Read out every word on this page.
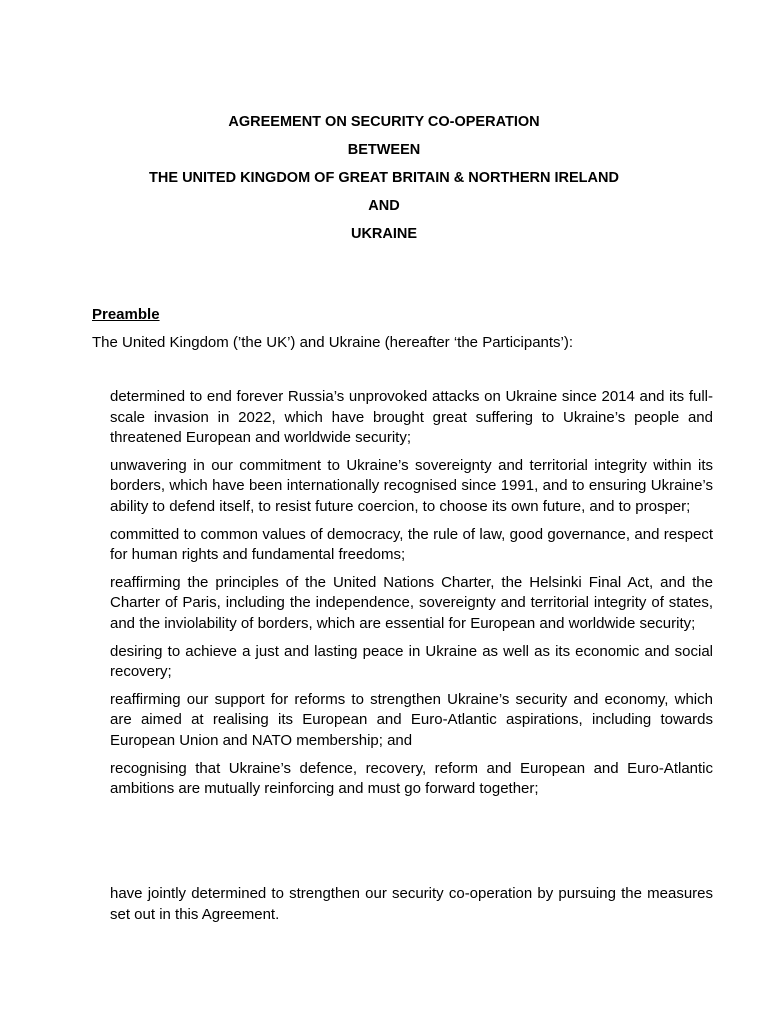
AGREEMENT ON SECURITY CO-OPERATION
BETWEEN
THE UNITED KINGDOM OF GREAT BRITAIN & NORTHERN IRELAND
AND
UKRAINE
Preamble
The United Kingdom (’the UK’) and Ukraine (hereafter ‘the Participants’):

determined to end forever Russia’s unprovoked attacks on Ukraine since 2014 and its full-scale invasion in 2022, which have brought great suffering to Ukraine’s people and threatened European and worldwide security;

unwavering in our commitment to Ukraine’s sovereignty and territorial integrity within its borders, which have been internationally recognised since 1991, and to ensuring Ukraine’s ability to defend itself, to resist future coercion, to choose its own future, and to prosper;

committed to common values of democracy, the rule of law, good governance, and respect for human rights and fundamental freedoms;

reaffirming the principles of the United Nations Charter, the Helsinki Final Act, and the Charter of Paris, including the independence, sovereignty and territorial integrity of states, and the inviolability of borders, which are essential for European and worldwide security;

desiring to achieve a just and lasting peace in Ukraine as well as its economic and social recovery;

reaffirming our support for reforms to strengthen Ukraine’s security and economy, which are aimed at realising its European and Euro-Atlantic aspirations, including towards European Union and NATO membership; and

recognising that Ukraine’s defence, recovery, reform and European and Euro-Atlantic ambitions are mutually reinforcing and must go forward together;

have jointly determined to strengthen our security co-operation by pursuing the measures set out in this Agreement.
